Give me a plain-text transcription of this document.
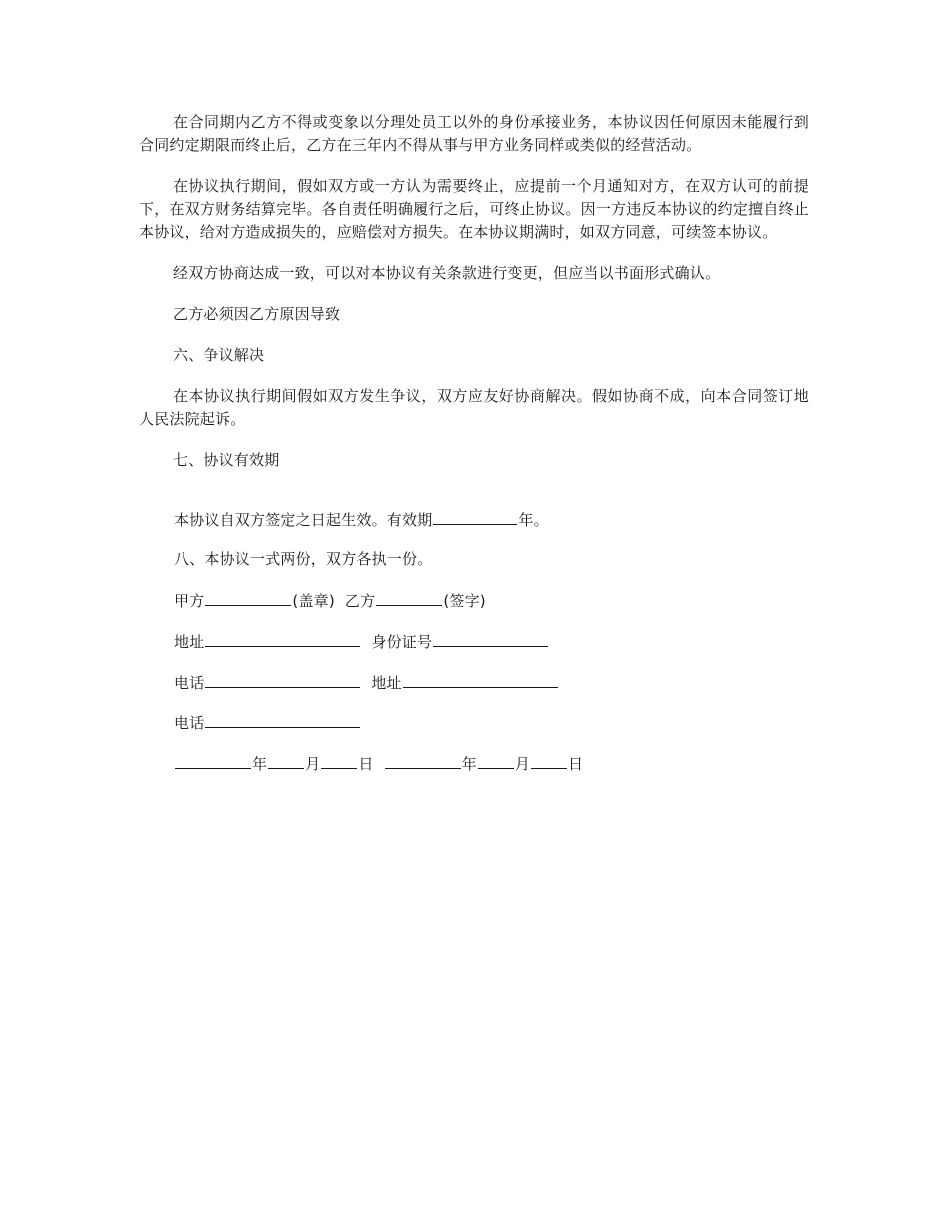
在合同期内乙方不得或变象以分理处员工以外的身份承接业务，本协议因任何原因未能履行到合同约定期限而终止后，乙方在三年内不得从事与甲方业务同样或类似的经营活动。

在协议执行期间，假如双方或一方认为需要终止，应提前一个月通知对方，在双方认可的前提下，在双方财务结算完毕。各自责任明确履行之后，可终止协议。因一方违反本协议的约定擅自终止本协议，给对方造成损失的，应赔偿对方损失。在本协议期满时，如双方同意，可续签本协议。

经双方协商达成一致，可以对本协议有关条款进行变更，但应当以书面形式确认。

乙方必须因乙方原因导致

六、争议解决

在本协议执行期间假如双方发生争议，双方应友好协商解决。假如协商不成，向本合同签订地人民法院起诉。

七、协议有效期

本协议自双方签定之日起生效。有效期	年。
八、本协议一式两份，双方各执一份。
甲方	(盖章) 乙方	(签字)
地址	身份证号
电话	地址
电话
年	月	日	年	月	日
